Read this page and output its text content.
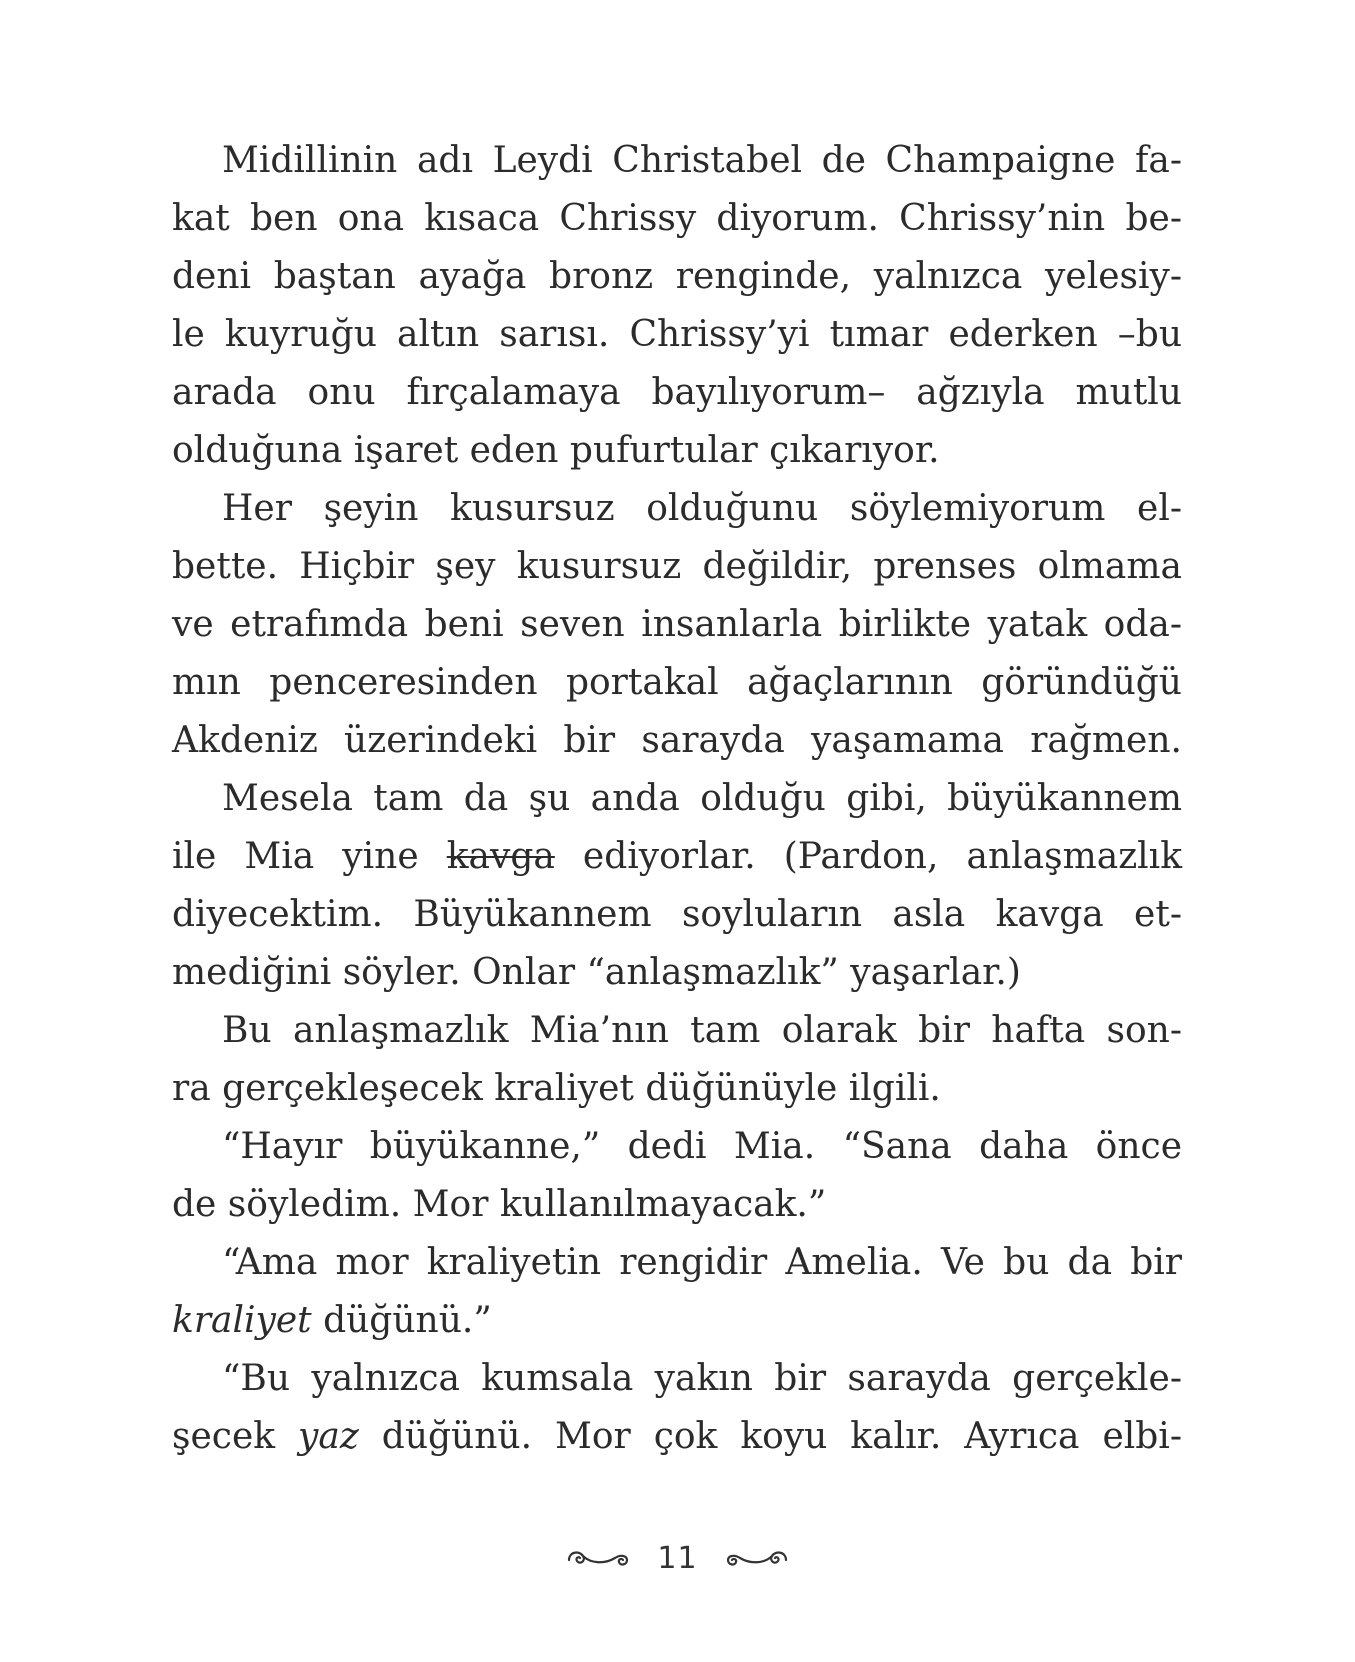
Midillinin adı Leydi Christabel de Champaigne fa-
kat ben ona kısaca Chrissy diyorum. Chrissy’nin be-
deni baştan ayağa bronz renginde, yalnızca yelesiy-
le kuyruğu altın sarısı. Chrissy’yi tımar ederken –bu
arada onu fırçalamaya bayılıyorum– ağzıyla mutlu
olduğuna işaret eden pufurtular çıkarıyor.
Her şeyin kusursuz olduğunu söylemiyorum el-
bette. Hiçbir şey kusursuz değildir, prenses olmama
ve etrafımda beni seven insanlarla birlikte yatak oda-
mın penceresinden portakal ağaçlarının göründüğü
Akdeniz üzerindeki bir sarayda yaşamama rağmen.
Mesela tam da şu anda olduğu gibi, büyükannem
ile Mia yine kavga ediyorlar. (Pardon, anlaşmazlık
diyecektim. Büyükannem soyluların asla kavga et-
mediğini söyler. Onlar “anlaşmazlık” yaşarlar.)
Bu anlaşmazlık Mia’nın tam olarak bir hafta son-
ra gerçekleşecek kraliyet düğünüyle ilgili.
“Hayır büyükanne,” dedi Mia. “Sana daha önce
de söyledim. Mor kullanılmayacak.”
“Ama mor kraliyetin rengidir Amelia. Ve bu da bir
kraliyet düğünü.”
“Bu yalnızca kumsala yakın bir sarayda gerçekle-
şecek yaz düğünü. Mor çok koyu kalır. Ayrıca elbi-
11
